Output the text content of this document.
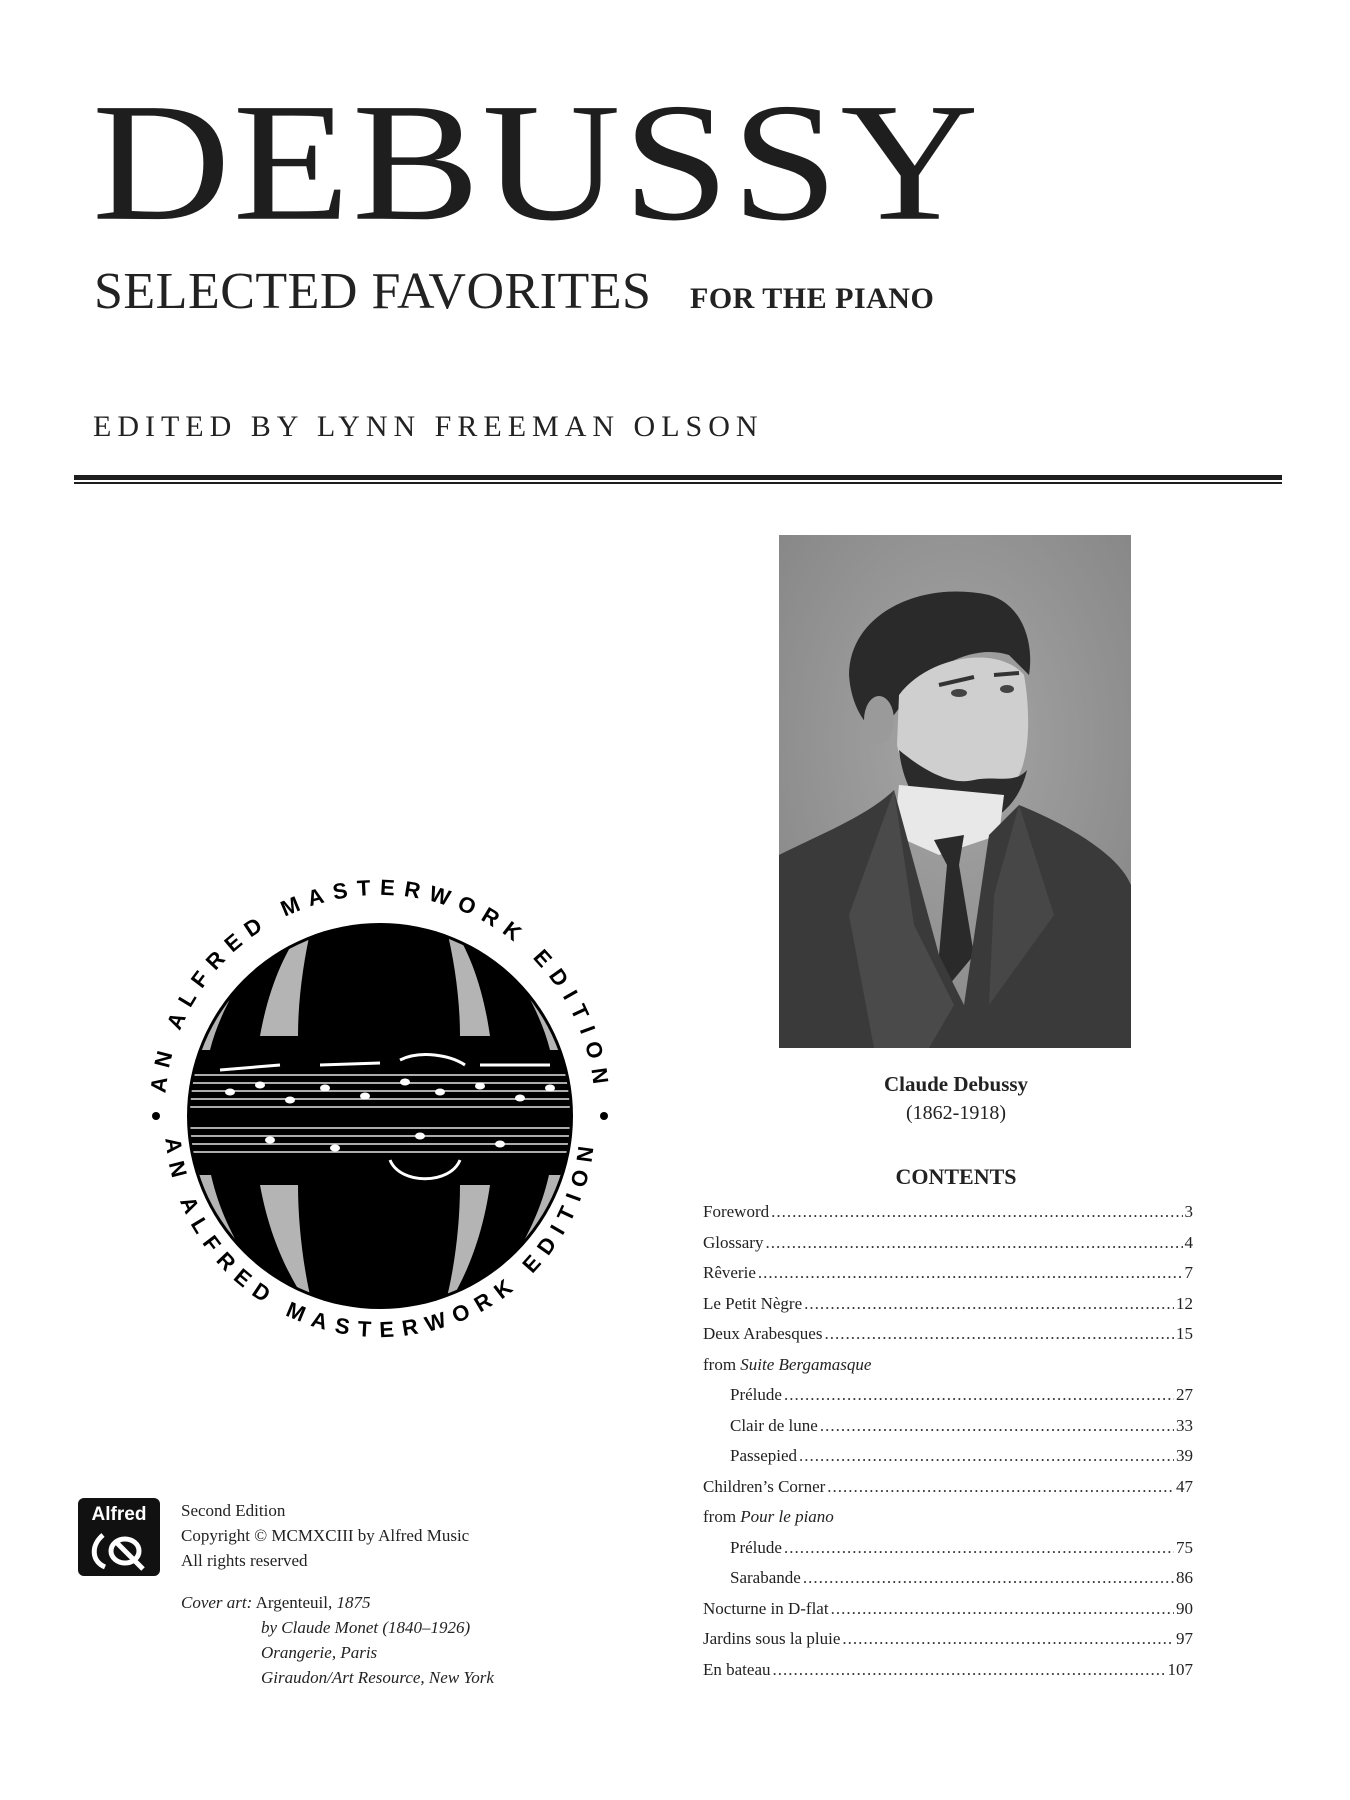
DEBUSSY
SELECTED FAVORITES FOR THE PIANO
EDITED BY LYNN FREEMAN OLSON
Claude Debussy
(1862-1918)
CONTENTS
Foreword .....	3
Glossary .....	4
Rêverie .....	7
Le Petit Nègre .....	12
Deux Arabesques .....	15
from
Suite Bergamasque
Prélude .....	27
Clair de lune .....	33
Passepied .....	39
Children’s Corner .....	47
from
Pour le piano
Prélude .....	75
Sarabande .....	86
Nocturne in D-flat .....	90
Jardins sous la pluie .....	97
En bateau .....	107
AN ALFRED MASTERWORK EDITION
AN ALFRED MASTERWORK EDITION
Alfred Second Edition
Copyright © MCMXCIII by Alfred Music
All rights reserved
Cover art: Argenteuil, 1875
by Claude Monet (1840–1926)
Orangerie, Paris
Giraudon/Art Resource, New York
